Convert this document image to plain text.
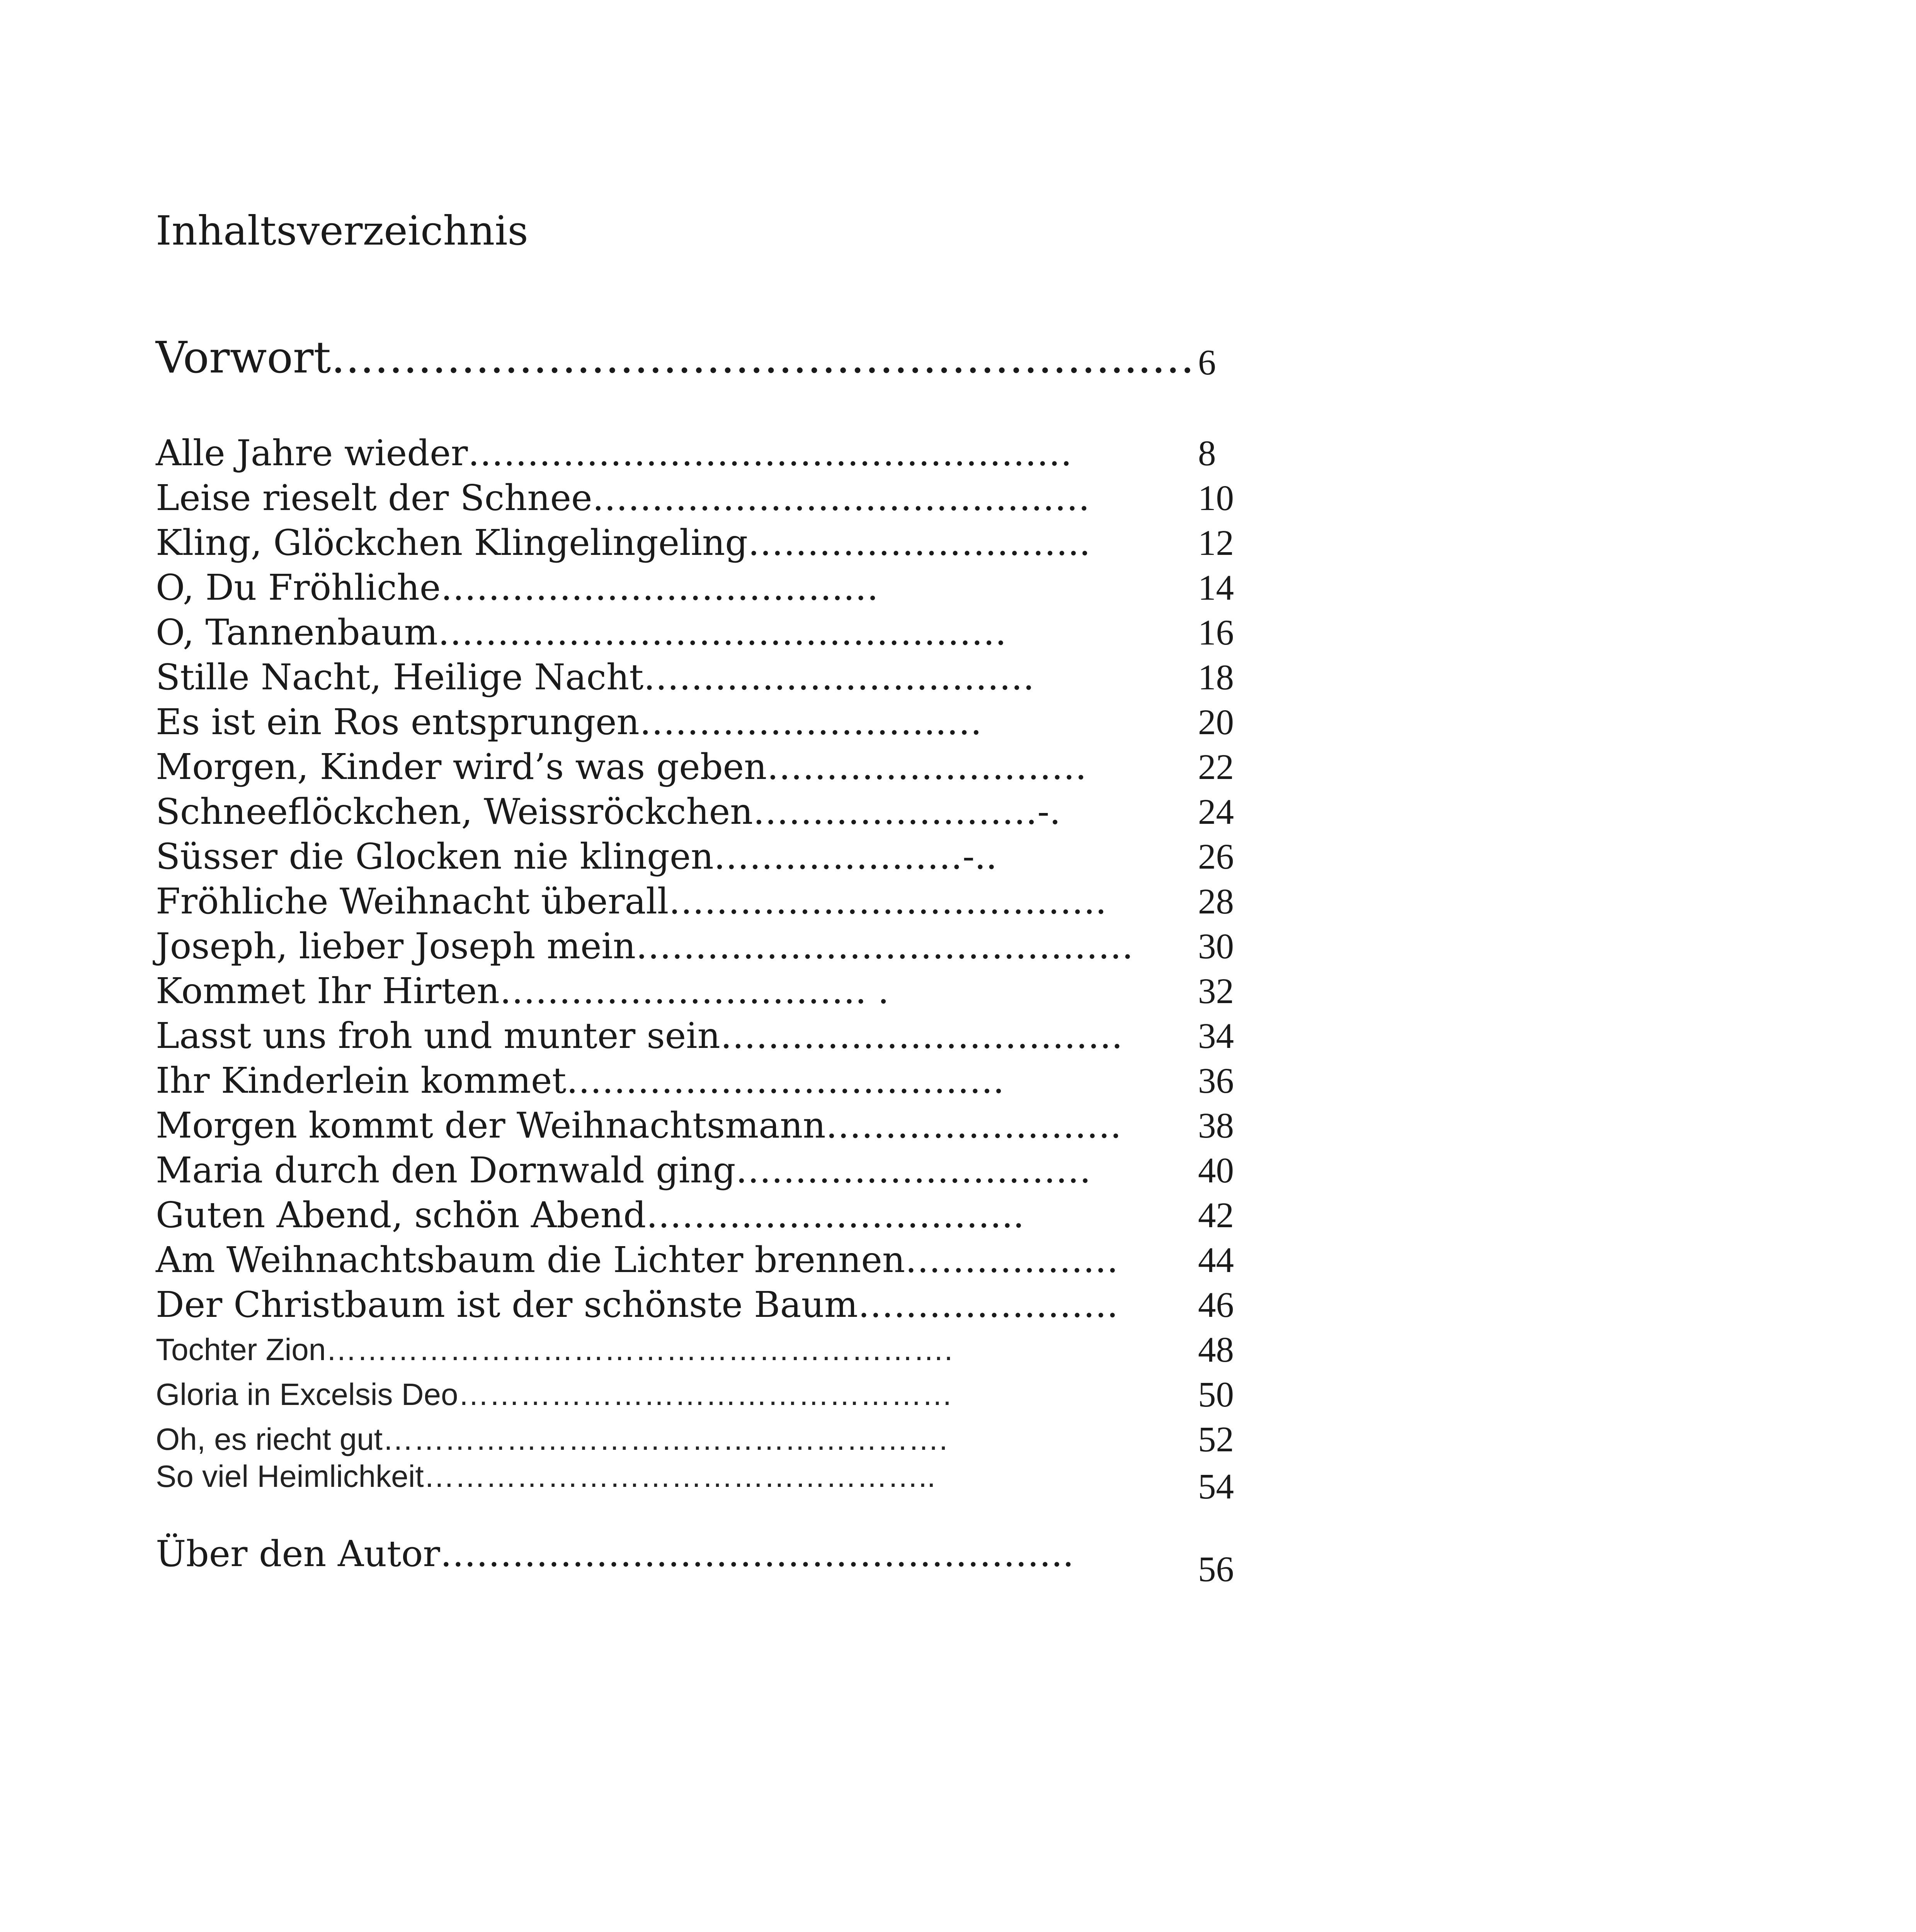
Inhaltsverzeichnis
Vorwort………………………………………………...… 6
Alle Jahre wieder……………………………………………	8
Leise rieselt der Schnee……………………………………	10
Kling, Glöckchen Klingelingeling………………………..	12
O, Du Fröhliche…………………………….…	14
O, Tannenbaum…………………………………………	16
Stille Nacht, Heilige Nacht……………………………	18
Es ist ein Ros entsprungen……………………..…	20
Morgen, Kinder wird’s was geben………………………	22
Schneeflöckchen, Weissröckchen……………………-.	24
Süsser die Glocken nie klingen…………………-..	26
Fröhliche Weihnacht überall……………………………….	28
Joseph, lieber Joseph mein…………………………………… 30
Kommet Ihr Hirten…………………………. .	32
Lasst uns froh und munter sein……………………………. 34
Ihr Kinderlein kommet……………………………….	36
Morgen kommt der Weihnachtsmann……………………. 38
Maria durch den Dornwald ging…………………………	40
Guten Abend, schön Abend…………………………..	42
Am Weihnachtsbaum die Lichter brennen……………… 44
Der Christbaum ist der schönste Baum…………………. 46
Tochter Zion…………………………………………………….	48
Gloria in Excelsis Deo…………………………………………	50
Oh, es riecht gut……………………………………………….	52
So viel Heimlichkeit…………………………………………..	54
Über den Autor……………………………………………..	56
